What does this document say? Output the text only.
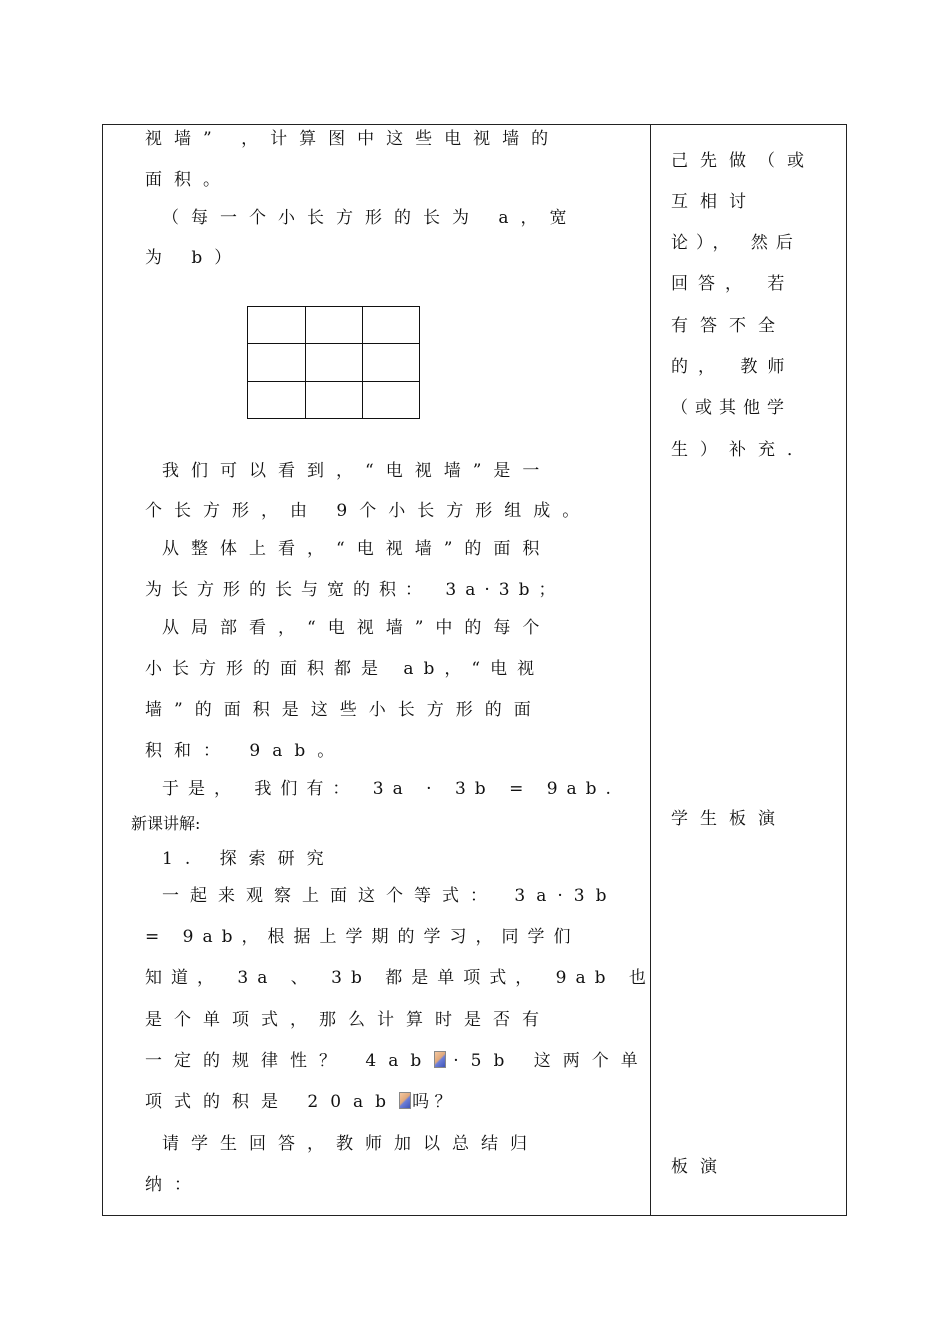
视墙” ，计算图中这些电视墙的
面积。
（每一个小长方形的长为 a，宽
为 b）
我们可以看到，“电视墙”是一
个长方形，由 9个小长方形组成。
从整体上看，“电视墙”的面积
为长方形的长与宽的积： 3a·3b；
从局部看，“电视墙”中的每个
小长方形的面积都是 ab，“电视
墙”的面积是这些小长方形的面
积和： 9ab。
于是， 我们有： 3a · 3b = 9ab.
新课讲解:
1. 探索研究
一起来观察上面这个等式： 3a·3b
= 9ab，根据上学期的学习，同学们
知道， 3a 、 3b 都是单项式， 9ab 也
是个单项式，那么计算时是否有
一定的规律性？ 4ab ·5b 这两个单
项式的积是 20ab 吗 ？
请学生回答，教师加以总结归
纳：
己先做（或
互相讨
论）， 然后
回答， 若
有答不全
的， 教师
（或其他学
生）补充．
学生板演
板演
